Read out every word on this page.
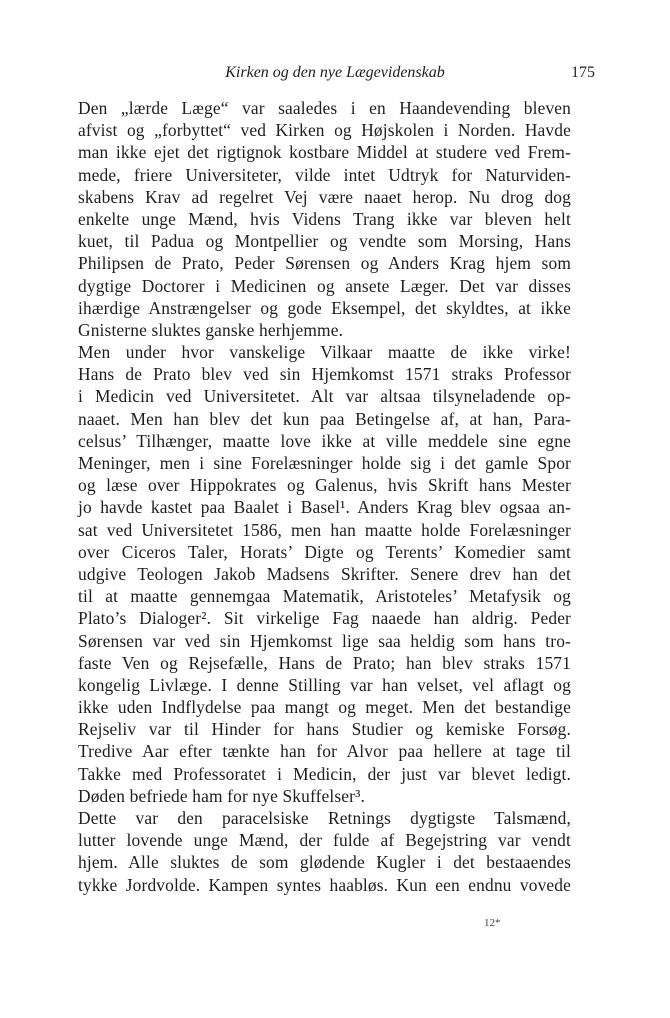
Kirken og den nye Lægevidenskab	175
Den „lærde Læge“ var saaledes i en Haandevending bleven
afvist og „forbyttet“ ved Kirken og Højskolen i Norden. Havde
man ikke ejet det rigtignok kostbare Middel at studere ved Frem-
mede, friere Universiteter, vilde intet Udtryk for Naturviden-
skabens Krav ad regelret Vej være naaet herop. Nu drog dog
enkelte unge Mænd, hvis Videns Trang ikke var bleven helt
kuet, til Padua og Montpellier og vendte som Morsing, Hans
Philipsen de Prato, Peder Sørensen og Anders Krag hjem som
dygtige Doctorer i Medicinen og ansete Læger. Det var disses
ihærdige Anstrængelser og gode Eksempel, det skyldtes, at ikke
Gnisterne sluktes ganske herhjemme.
Men under hvor vanskelige Vilkaar maatte de ikke virke!
Hans de Prato blev ved sin Hjemkomst 1571 straks Professor
i Medicin ved Universitetet. Alt var altsaa tilsyneladende op-
naaet. Men han blev det kun paa Betingelse af, at han, Para-
celsus’ Tilhænger, maatte love ikke at ville meddele sine egne
Meninger, men i sine Forelæsninger holde sig i det gamle Spor
og læse over Hippokrates og Galenus, hvis Skrift hans Mester
jo havde kastet paa Baalet i Basel¹. Anders Krag blev ogsaa an-
sat ved Universitetet 1586, men han maatte holde Forelæsninger
over Ciceros Taler, Horats’ Digte og Terents’ Komedier samt
udgive Teologen Jakob Madsens Skrifter. Senere drev han det
til at maatte gennemgaa Matematik, Aristoteles’ Metafysik og
Plato’s Dialoger². Sit virkelige Fag naaede han aldrig. Peder
Sørensen var ved sin Hjemkomst lige saa heldig som hans tro-
faste Ven og Rejsefælle, Hans de Prato; han blev straks 1571
kongelig Livlæge. I denne Stilling var han velset, vel aflagt og
ikke uden Indflydelse paa mangt og meget. Men det bestandige
Rejseliv var til Hinder for hans Studier og kemiske Forsøg.
Tredive Aar efter tænkte han for Alvor paa hellere at tage til
Takke med Professoratet i Medicin, der just var blevet ledigt.
Døden befriede ham for nye Skuffelser³.
Dette var den paracelsiske Retnings dygtigste Talsmænd,
lutter lovende unge Mænd, der fulde af Begejstring var vendt
hjem. Alle sluktes de som glødende Kugler i det bestaaendes
tykke Jordvolde. Kampen syntes haabløs. Kun een endnu vovede
12*
